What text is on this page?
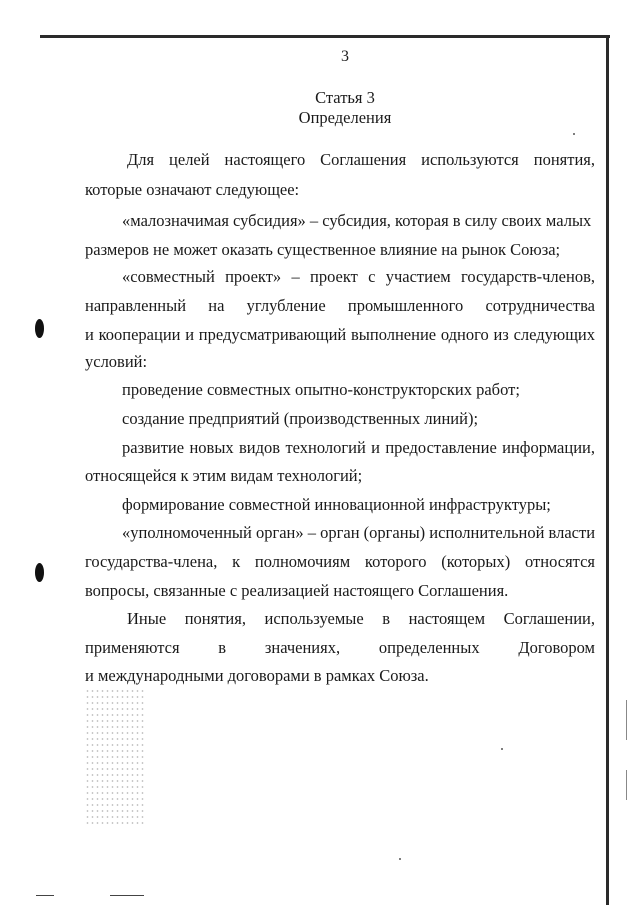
3
Статья 3
Определения
Для целей настоящего Соглашения используются понятия,
которые означают следующее:
«малозначимая субсидия» – субсидия, которая в силу своих малых
размеров не может оказать существенное влияние на рынок Союза;
«совместный проект» – проект с участием государств-членов,
направленный на углубление промышленного сотрудничества
и кооперации и предусматривающий выполнение одного из следующих
условий:
проведение совместных опытно-конструкторских работ;
создание предприятий (производственных линий);
развитие новых видов технологий и предоставление информации,
относящейся к этим видам технологий;
формирование совместной инновационной инфраструктуры;
«уполномоченный орган» – орган (органы) исполнительной власти
государства-члена, к полномочиям которого (которых) относятся
вопросы, связанные с реализацией настоящего Соглашения.
Иные понятия, используемые в настоящем Соглашении,
применяются в значениях, определенных Договором
и международными договорами в рамках Союза.
